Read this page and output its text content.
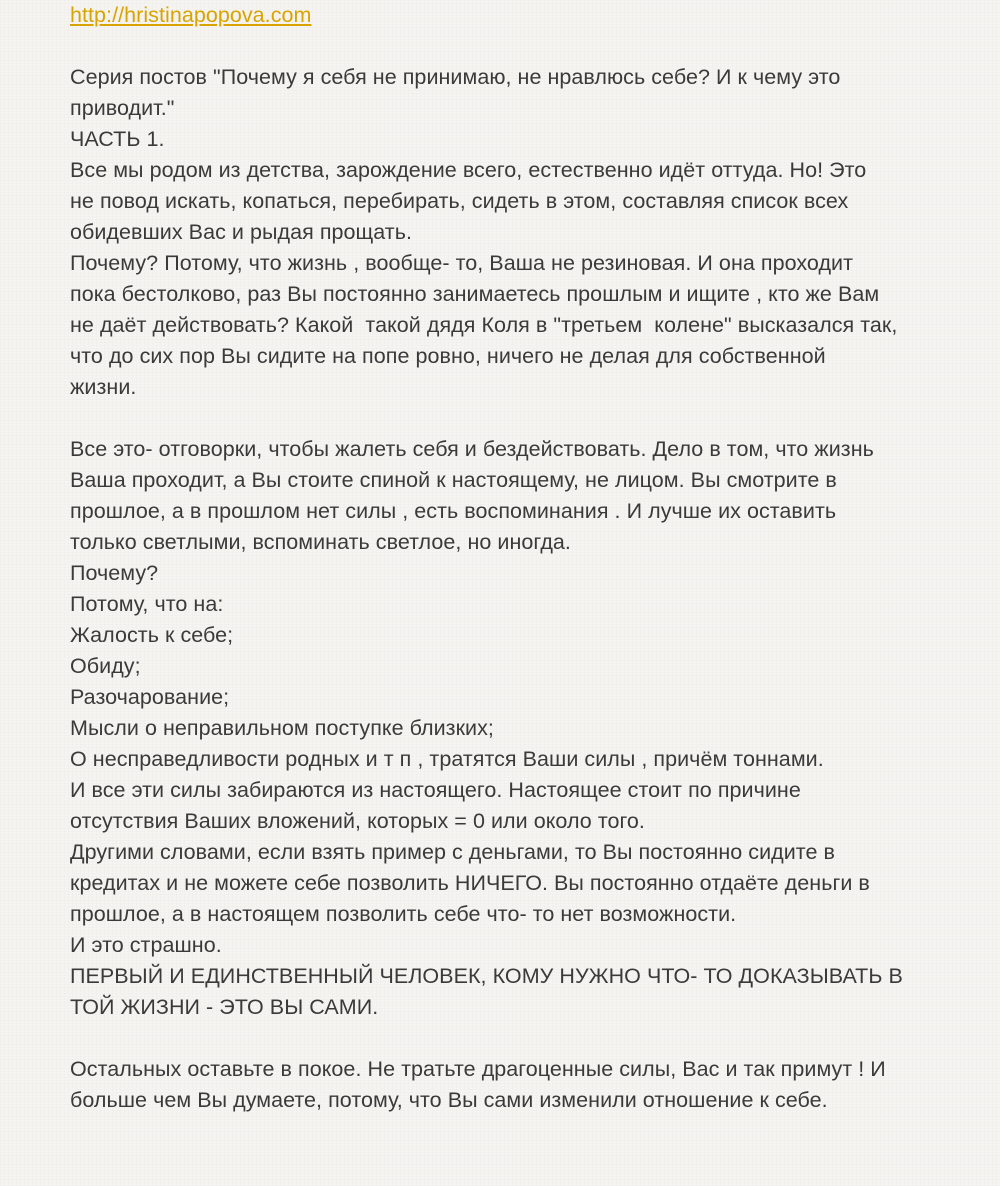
http://hristinapopova.com
Серия постов "Почему я себя не принимаю, не нравлюсь себе? И к чему это
приводит."
ЧАСТЬ 1.
Все мы родом из детства, зарождение всего, естественно идёт оттуда. Но! Это
не повод искать, копаться, перебирать, сидеть в этом, составляя список всех
обидевших Вас и рыдая прощать.
Почему? Потому, что жизнь , вообще- то, Ваша не резиновая. И она проходит
пока бестолково, раз Вы постоянно занимаетесь прошлым и ищите , кто же Вам
не даёт действовать? Какой  такой дядя Коля в "третьем  колене" высказался так,
что до сих пор Вы сидите на попе ровно, ничего не делая для собственной
жизни.
Все это- отговорки, чтобы жалеть себя и бездействовать. Дело в том, что жизнь
Ваша проходит, а Вы стоите спиной к настоящему, не лицом. Вы смотрите в
прошлое, а в прошлом нет силы , есть воспоминания . И лучше их оставить
только светлыми, вспоминать светлое, но иногда.
Почему?
Потому, что на:
Жалость к себе;
Обиду;
Разочарование;
Мысли о неправильном поступке близких;
О несправедливости родных и т п , тратятся Ваши силы , причём тоннами.
И все эти силы забираются из настоящего. Настоящее стоит по причине
отсутствия Ваших вложений, которых = 0 или около того.
Другими словами, если взять пример с деньгами, то Вы постоянно сидите в
кредитах и не можете себе позволить НИЧЕГО. Вы постоянно отдаёте деньги в
прошлое, а в настоящем позволить себе что- то нет возможности.
И это страшно.
ПЕРВЫЙ И ЕДИНСТВЕННЫЙ ЧЕЛОВЕК, КОМУ НУЖНО ЧТО- ТО ДОКАЗЫВАТЬ В
ТОЙ ЖИЗНИ - ЭТО ВЫ САМИ.
Остальных оставьте в покое. Не тратьте драгоценные силы, Вас и так примут ! И
больше чем Вы думаете, потому, что Вы сами изменили отношение к себе.
